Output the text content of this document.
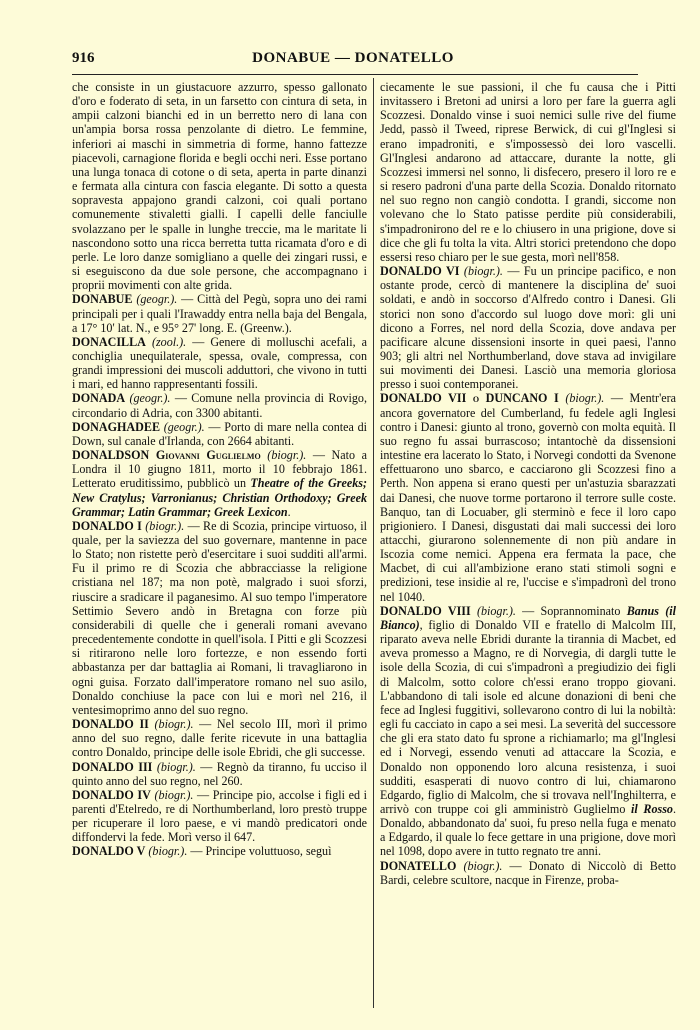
916	DONABUE — DONATELLO

che consiste in un giustacuore azzurro, spesso gallonato d'oro e foderato di seta, in un farsetto con cintura di seta, in ampii calzoni bianchi ed in un berretto nero di lana con un'ampia borsa rossa penzolante di dietro. Le femmine, inferiori ai maschi in simmetria di forme, hanno fattezze piacevoli, carnagione florida e begli occhi neri. Esse portano una lunga tonaca di cotone o di seta, aperta in parte dinanzi e fermata alla cintura con fascia elegante. Di sotto a questa sopravesta appajono grandi calzoni, coi quali portano comunemente stivaletti gialli. I capelli delle fanciulle svolazzano per le spalle in lunghe treccie, ma le maritate li nascondono sotto una ricca berretta tutta ricamata d'oro e di perle. Le loro danze somigliano a quelle dei zingari russi, e si eseguiscono da due sole persone, che accompagnano i proprii movimenti con alte grida.

DONABUE (geogr.). — Città del Pegù, sopra uno dei rami principali per i quali l'Irawaddy entra nella baja del Bengala, a 17° 10' lat. N., e 95° 27' long. E. (Greenw.).

DONACILLA (zool.). — Genere di molluschi acefali, a conchiglia unequilaterale, spessa, ovale, compressa, con grandi impressioni dei muscoli adduttori, che vivono in tutti i mari, ed hanno rappresentanti fossili.

DONADA (geogr.). — Comune nella provincia di Rovigo, circondario di Adria, con 3300 abitanti.

DONAGHADEE (geogr.). — Porto di mare nella contea di Down, sul canale d'Irlanda, con 2664 abitanti.

DONALDSON Giovanni Guglielmo (biogr.). — Nato a Londra il 10 giugno 1811, morto il 10 febbrajo 1861. Letterato eruditissimo, pubblicò un Theatre of the Greeks; New Cratylus; Varronianus; Christian Orthodoxy; Greek Grammar; Latin Grammar; Greek Lexicon.

DONALDO I (biogr.). — Re di Scozia, principe virtuoso, il quale, per la saviezza del suo governare, mantenne in pace lo Stato; non ristette però d'esercitare i suoi sudditi all'armi. Fu il primo re di Scozia che abbracciasse la religione cristiana nel 187; ma non potè, malgrado i suoi sforzi, riuscire a sradicare il paganesimo. Al suo tempo l'imperatore Settimio Severo andò in Bretagna con forze più considerabili di quelle che i generali romani avevano precedentemente condotte in quell'isola. I Pitti e gli Scozzesi si ritirarono nelle loro fortezze, e non essendo forti abbastanza per dar battaglia ai Romani, li travagliarono in ogni guisa. Forzato dall'imperatore romano nel suo asilo, Donaldo conchiuse la pace con lui e morì nel 216, il ventesimoprimo anno del suo regno.

DONALDO II (biogr.). — Nel secolo III, morì il primo anno del suo regno, dalle ferite ricevute in una battaglia contro Donaldo, principe delle isole Ebridi, che gli successe.

DONALDO III (biogr.). — Regnò da tiranno, fu ucciso il quinto anno del suo regno, nel 260.

DONALDO IV (biogr.). — Principe pio, accolse i figli ed i parenti d'Etelredo, re di Northumberland, loro prestò truppe per ricuperare il loro paese, e vi mandò predicatori onde diffondervi la fede. Morì verso il 647.

DONALDO V (biogr.). — Principe voluttuoso, seguì

ciecamente le sue passioni, il che fu causa che i Pitti invitassero i Bretoni ad unirsi a loro per fare la guerra agli Scozzesi. Donaldo vinse i suoi nemici sulle rive del fiume Jedd, passò il Tweed, riprese Berwick, di cui gl'Inglesi si erano impadroniti, e s'impossessò dei loro vascelli. Gl'Inglesi andarono ad attaccare, durante la notte, gli Scozzesi immersi nel sonno, li disfecero, presero il loro re e si resero padroni d'una parte della Scozia. Donaldo ritornato nel suo regno non cangiò condotta. I grandi, siccome non volevano che lo Stato patisse perdite più considerabili, s'impadronirono del re e lo chiusero in una prigione, dove si dice che gli fu tolta la vita. Altri storici pretendono che dopo essersi reso chiaro per le sue gesta, morì nell'858.

DONALDO VI (biogr.). — Fu un principe pacifico, e non ostante prode, cercò di mantenere la disciplina de' suoi soldati, e andò in soccorso d'Alfredo contro i Danesi. Gli storici non sono d'accordo sul luogo dove morì: gli uni dicono a Forres, nel nord della Scozia, dove andava per pacificare alcune dissensioni insorte in quei paesi, l'anno 903; gli altri nel Northumberland, dove stava ad invigilare sui movimenti dei Danesi. Lasciò una memoria gloriosa presso i suoi contemporanei.

DONALDO VII o DUNCANO I (biogr.). — Mentr'era ancora governatore del Cumberland, fu fedele agli Inglesi contro i Danesi: giunto al trono, governò con molta equità. Il suo regno fu assai burrascoso; intantochè da dissensioni intestine era lacerato lo Stato, i Norvegi condotti da Svenone effettuarono uno sbarco, e cacciarono gli Scozzesi fino a Perth. Non appena si erano questi per un'astuzia sbarazzati dai Danesi, che nuove torme portarono il terrore sulle coste. Banquo, tan di Locuaber, gli sterminò e fece il loro capo prigioniero. I Danesi, disgustati dai mali successi dei loro attacchi, giurarono solennemente di non più andare in Iscozia come nemici. Appena era fermata la pace, che Macbet, di cui all'ambizione erano stati stimoli sogni e predizioni, tese insidie al re, l'uccise e s'impadronì del trono nel 1040.

DONALDO VIII (biogr.). — Soprannominato Banus (il Bianco), figlio di Donaldo VII e fratello di Malcolm III, riparato aveva nelle Ebridi durante la tirannia di Macbet, ed aveva promesso a Magno, re di Norvegia, di dargli tutte le isole della Scozia, di cui s'impadronì a pregiudizio dei figli di Malcolm, sotto colore ch'essi erano troppo giovani. L'abbandono di tali isole ed alcune donazioni di beni che fece ad Inglesi fuggitivi, sollevarono contro di lui la nobiltà: egli fu cacciato in capo a sei mesi. La severità del successore che gli era stato dato fu sprone a richiamarlo; ma gl'Inglesi ed i Norvegi, essendo venuti ad attaccare la Scozia, e Donaldo non opponendo loro alcuna resistenza, i suoi sudditi, esasperati di nuovo contro di lui, chiamarono Edgardo, figlio di Malcolm, che si trovava nell'Inghilterra, e arrivò con truppe coi gli amministrò Guglielmo il Rosso. Donaldo, abbandonato da' suoi, fu preso nella fuga e menato a Edgardo, il quale lo fece gettare in una prigione, dove morì nel 1098, dopo avere in tutto regnato tre anni.

DONATELLO (biogr.). — Donato di Niccolò di Betto Bardi, celebre scultore, nacque in Firenze, proba-
